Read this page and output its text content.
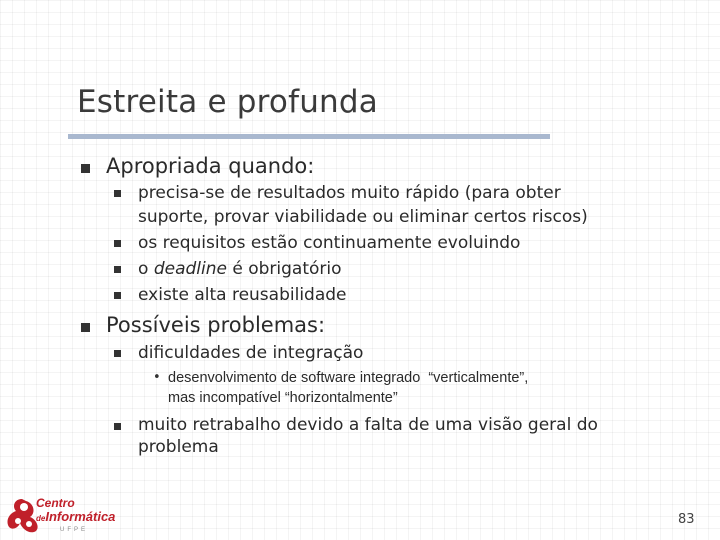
Estreita e profunda
Apropriada quando:
precisa-se de resultados muito rápido (para obter
suporte, provar viabilidade ou eliminar certos riscos)
os requisitos estão continuamente evoluindo
o deadline é obrigatório
existe alta reusabilidade
Possíveis problemas:
dificuldades de integração
• desenvolvimento de software integrado  “verticalmente”,
mas incompatível “horizontalmente”
muito retrabalho devido a falta de uma visão geral do
problema
Centro
deInformática
UFPE
83
